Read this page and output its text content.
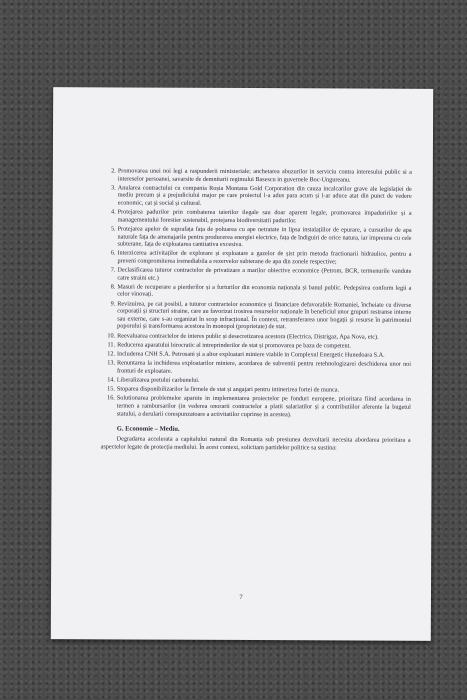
2. Promovarea unei noi legi a raspunderii ministeriale; anchetarea abuzurilor in serviciu contra interesului public si a intereselor persoanei, savarsite de demnitarii regimului Basescu in guvernele Boc-Ungureanu.
3. Anularea contractului cu compania Roșia Montana Gold Corporation din cauza incalcarilor grave ale legislației de mediu precum și a prejudiciului major pe care proiectul l-a adus para acum și l-ar aduce atat din punct de vedere economic, cat și social și cultural.
4. Protejarea padurilor prin combaterea taierilor ilegale sau doar aparent legale, promovarea impaduririlor și a managementului forestier sustenabil, protejarea biodiversitatii padurilor.
5. Protejarea apelor de suprafața fața de poluarea cu ape netratate in lipsa instalațiilor de epurare, a cursurilor de apa naturale fața de amenajarile pentru producerea energiei electrice, fața de îndiguiri de orice natura, iar impreuna cu cele subterane, fața de exploatarea cantitativa excesiva.
6. Interzicerea activitaților de explorare și exploatare a gazelor de șist prin metoda fractionarii hidraulice, pentru a preveni compromiterea iremediabila a rezervelor subterane de apa din zonele respective;
7. Declasificarea tuturor contractelor de privatizare a marilor obiective economice (Petrom, BCR, termenurile vandute catre straini etc.)
8. Masuri de recuperare a pierderilor și a furturilor din economia naționala și banul public. Pedepsirea conform legii a celor vinovați.
9. Revizuirea, pe cat posibil, a tuturor contractelor economice și financiare defavorabile Romaniei, încheiate cu diverse corporații și structuri straine, care au favorizat irosirea resurselor naționale în beneficiul unor grupuri restranse interne sau externe, care s-au organizat în scop infracțional. În context, retransferarea unor bogații și resurse în patrimoniul poporului și transformarea acestora în monopol (proprietate) de stat.
10. Reevaluarea contractelor de interes public și desecretizarea acestora (Electrica, Distrigaz, Apa Nova, etc).
11. Reducerea aparatului birocratic al intreprinderilor de stat și promovarea pe baza de competent.
12. Includerea CNH S.A. Petrosani și a altor exploatari miniere viabile in Complexul Energetic Hunedoara S.A.
13. Renuntarea la inchiderea exploatarilor miniere, acordarea de subventii pentru retehnologizarei deschiderea unor noi fronturi de exploatare.
14. Liberalizarea pretului carbunelui.
15. Stoparea disponibilizarilor la firmele de stat și angajari pentru intinerirea fortei de munca.
16. Solutionarea problemelor aparute in implementarea proiectelor pe fonduri europene, prioritara fiind acordarea in termen a rambursarilor (in vederea onorarii contractelor a platii salariatilor și a contributiilor aferente la bugetul statului, a derularii corespunzatoare a activitatilor cuprinse in acestea).
G. Economie – Mediu.
Degradarea accelerata a capitalului natural din Romania sub presiunea dezvoltarii necesita abordarea prioritara a aspectelor legate de protecția mediului. În acest context, solicitam partidelor politice sa sustina:
7
